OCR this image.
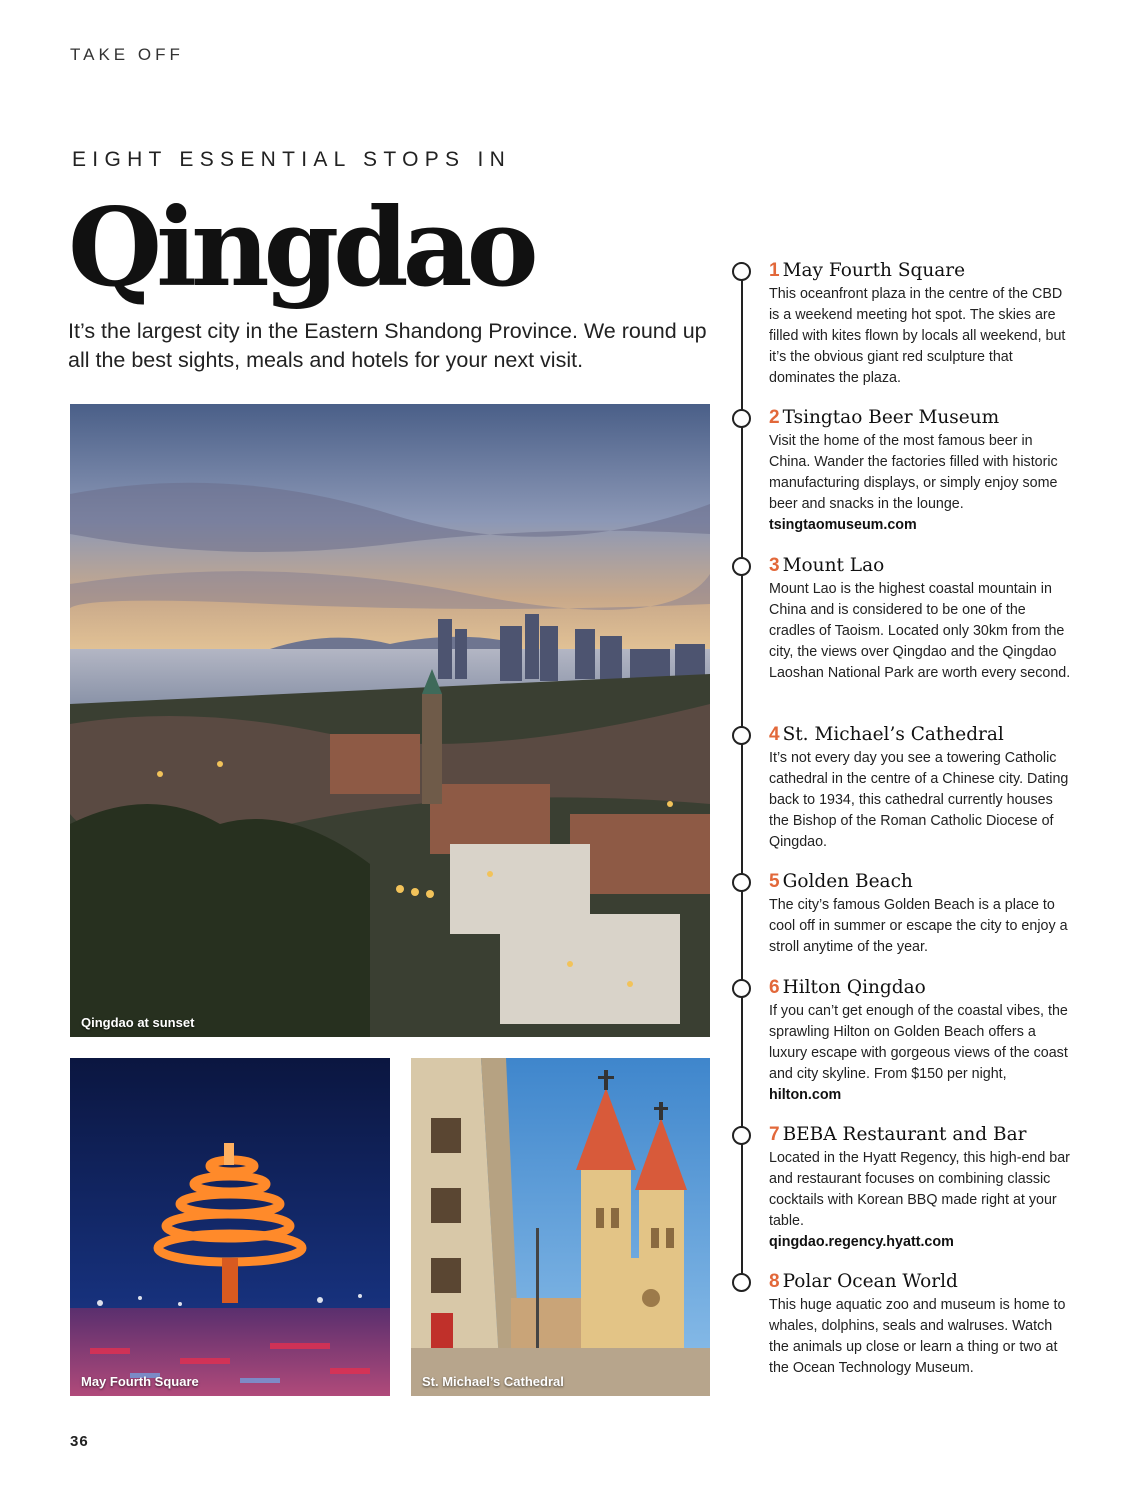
TAKE OFF
EIGHT ESSENTIAL STOPS IN
Qingdao
It’s the largest city in the Eastern Shandong Province. We round up all the best sights, meals and hotels for your next visit.
Qingdao at sunset
May Fourth Square	St. Michael’s Cathedral
1 May Fourth Square
This oceanfront plaza in the centre of the CBD is a weekend meeting hot spot. The skies are filled with kites flown by locals all weekend, but it’s the obvious giant red sculpture that dominates the plaza.
2 Tsingtao Beer Museum
Visit the home of the most famous beer in China. Wander the factories filled with historic manufacturing displays, or simply enjoy some beer and snacks in the lounge.
tsingtaomuseum.com
3 Mount Lao
Mount Lao is the highest coastal mountain in China and is considered to be one of the cradles of Taoism. Located only 30km from the city, the views over Qingdao and the Qingdao Laoshan National Park are worth every second.
4 St. Michael’s Cathedral
It’s not every day you see a towering Catholic cathedral in the centre of a Chinese city. Dating back to 1934, this cathedral currently houses the Bishop of the Roman Catholic Diocese of Qingdao.
5 Golden Beach
The city’s famous Golden Beach is a place to cool off in summer or escape the city to enjoy a stroll anytime of the year.
6 Hilton Qingdao
If you can’t get enough of the coastal vibes, the sprawling Hilton on Golden Beach offers a luxury escape with gorgeous views of the coast and city skyline. From $150 per night, hilton.com
7 BEBA Restaurant and Bar
Located in the Hyatt Regency, this high-end bar and restaurant focuses on combining classic cocktails with Korean BBQ made right at your table.
qingdao.regency.hyatt.com
8 Polar Ocean World
This huge aquatic zoo and museum is home to whales, dolphins, seals and walruses. Watch the animals up close or learn a thing or two at the Ocean Technology Museum.
36
